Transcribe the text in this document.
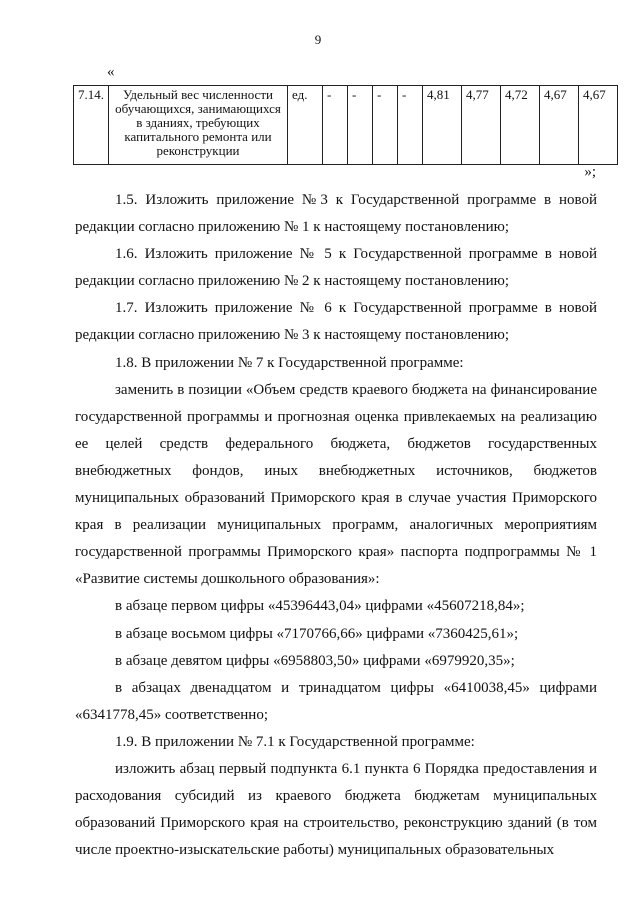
9
«
7.14.	Удельный вес численности обучающихся, занимающихся в зданиях, требующих капитального ремонта или реконструкции	ед.	-	-	-	-	4,81	4,77	4,72	4,67	4,67
»;

1.5. Изложить приложение №3 к Государственной программе в новой редакции согласно приложению № 1 к настоящему постановлению;

1.6. Изложить приложение № 5 к Государственной программе в новой редакции согласно приложению № 2 к настоящему постановлению;

1.7. Изложить приложение № 6 к Государственной программе в новой редакции согласно приложению № 3 к настоящему постановлению;

1.8. В приложении № 7 к Государственной программе:

заменить в позиции «Объем средств краевого бюджета на финансирование государственной программы и прогнозная оценка привлекаемых на реализацию ее целей средств федерального бюджета, бюджетов государственных внебюджетных фондов, иных внебюджетных источников, бюджетов муниципальных образований Приморского края в случае участия Приморского края в реализации муниципальных программ, аналогичных мероприятиям государственной программы Приморского края» паспорта подпрограммы № 1 «Развитие системы дошкольного образования»:

в абзаце первом цифры «45396443,04» цифрами «45607218,84»;

в абзаце восьмом цифры «7170766,66» цифрами «7360425,61»;

в абзаце девятом цифры «6958803,50» цифрами «6979920,35»;

в абзацах двенадцатом и тринадцатом цифры «6410038,45» цифрами «6341778,45» соответственно;

1.9. В приложении № 7.1 к Государственной программе:

изложить абзац первый подпункта 6.1 пункта 6 Порядка предоставления и расходования субсидий из краевого бюджета бюджетам муниципальных образований Приморского края на строительство, реконструкцию зданий (в том числе проектно-изыскательские работы) муниципальных образовательных
